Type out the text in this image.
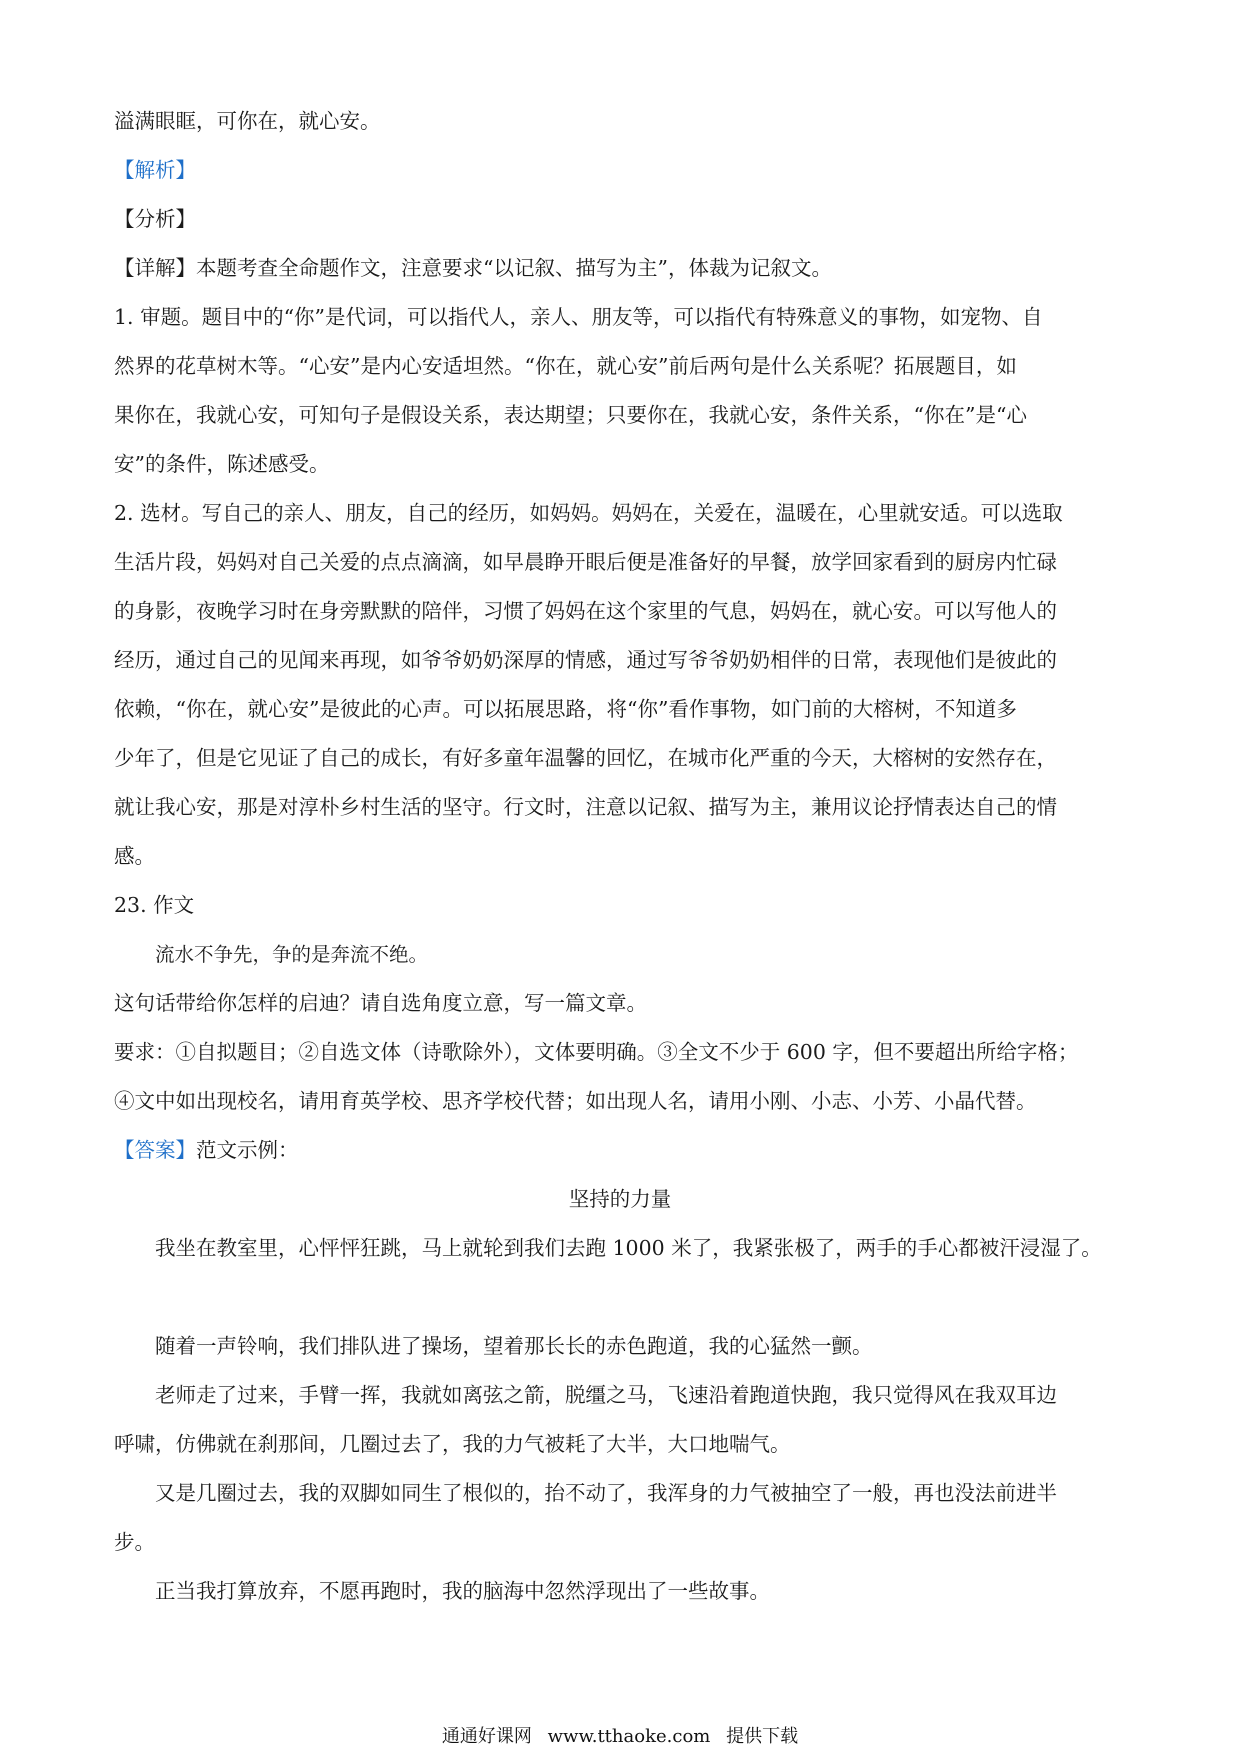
溢满眼眶，可你在，就心安。
【解析】
【分析】
【详解】本题考查全命题作文，注意要求“以记叙、描写为主”，体裁为记叙文。
1. 审题。题目中的“你”是代词，可以指代人，亲人、朋友等，可以指代有特殊意义的事物，如宠物、自
然界的花草树木等。“心安”是内心安适坦然。“你在，就心安”前后两句是什么关系呢？拓展题目，如
果你在，我就心安，可知句子是假设关系，表达期望；只要你在，我就心安，条件关系，“你在”是“心
安”的条件，陈述感受。
2. 选材。写自己的亲人、朋友，自己的经历，如妈妈。妈妈在，关爱在，温暖在，心里就安适。可以选取
生活片段，妈妈对自己关爱的点点滴滴，如早晨睁开眼后便是准备好的早餐，放学回家看到的厨房内忙碌
的身影，夜晚学习时在身旁默默的陪伴，习惯了妈妈在这个家里的气息，妈妈在，就心安。可以写他人的
经历，通过自己的见闻来再现，如爷爷奶奶深厚的情感，通过写爷爷奶奶相伴的日常，表现他们是彼此的
依赖，“你在，就心安”是彼此的心声。可以拓展思路，将“你”看作事物，如门前的大榕树，不知道多
少年了，但是它见证了自己的成长，有好多童年温馨的回忆，在城市化严重的今天，大榕树的安然存在，
就让我心安，那是对淳朴乡村生活的坚守。行文时，注意以记叙、描写为主，兼用议论抒情表达自己的情
感。
23. 作文
流水不争先，争的是奔流不绝。
这句话带给你怎样的启迪？请自选角度立意，写一篇文章。
要求：①自拟题目；②自选文体（诗歌除外），文体要明确。③全文不少于 600 字，但不要超出所给字格；
④文中如出现校名，请用育英学校、思齐学校代替；如出现人名，请用小刚、小志、小芳、小晶代替。
【答案】范文示例：
坚持的力量
我坐在教室里，心怦怦狂跳，马上就轮到我们去跑 1000 米了，我紧张极了，两手的手心都被汗浸湿了。
随着一声铃响，我们排队进了操场，望着那长长的赤色跑道，我的心猛然一颤。
老师走了过来，手臂一挥，我就如离弦之箭，脱缰之马，飞速沿着跑道快跑，我只觉得风在我双耳边
呼啸，仿佛就在刹那间，几圈过去了，我的力气被耗了大半，大口地喘气。
又是几圈过去，我的双脚如同生了根似的，抬不动了，我浑身的力气被抽空了一般，再也没法前进半
步。
正当我打算放弃，不愿再跑时，我的脑海中忽然浮现出了一些故事。
通通好课网 www.tthaoke.com 提供下载
